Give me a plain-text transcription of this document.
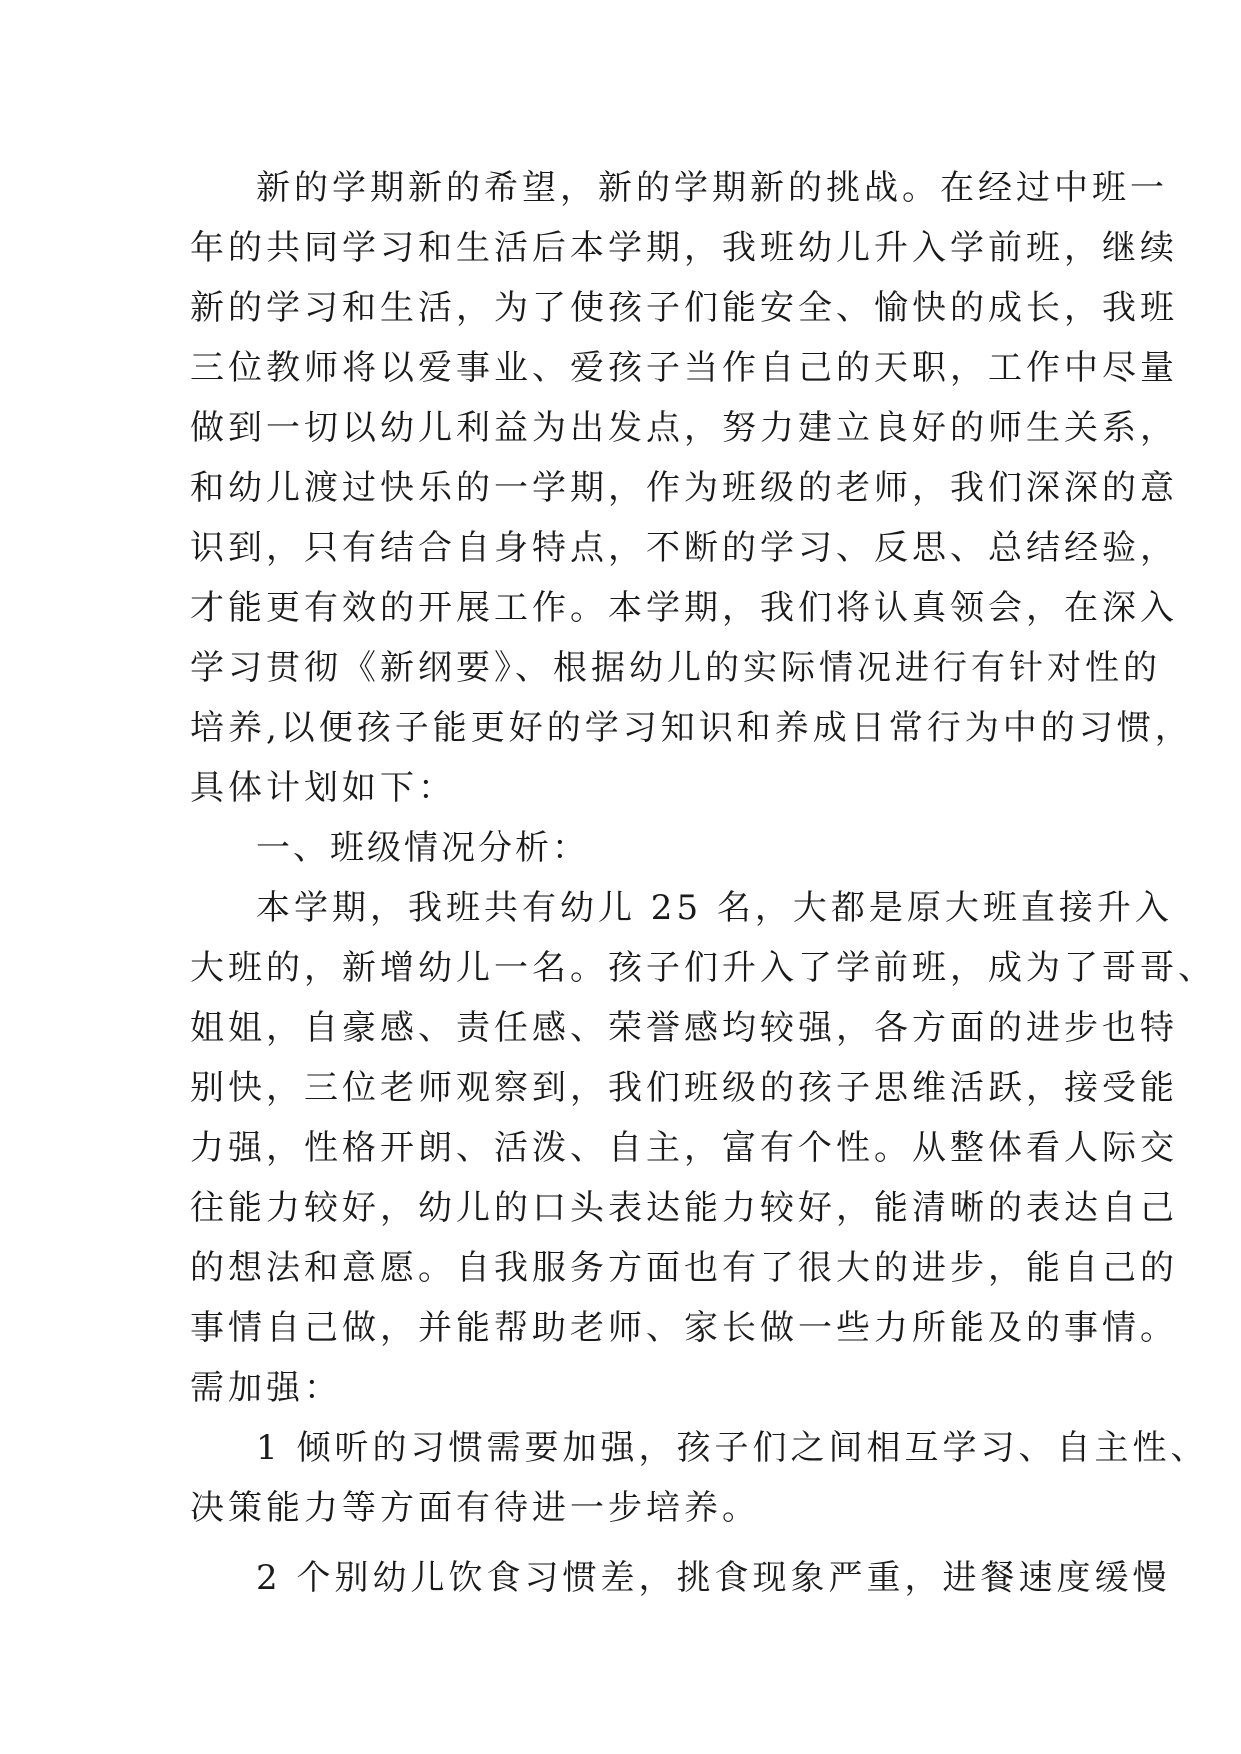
新的学期新的希望，新的学期新的挑战。在经过中班一
年的共同学习和生活后本学期，我班幼儿升入学前班，继续
新的学习和生活，为了使孩子们能安全、愉快的成长，我班
三位教师将以爱事业、爱孩子当作自己的天职，工作中尽量
做到一切以幼儿利益为出发点，努力建立良好的师生关系，
和幼儿渡过快乐的一学期，作为班级的老师，我们深深的意
识到，只有结合自身特点，不断的学习、反思、总结经验，
才能更有效的开展工作。本学期，我们将认真领会，在深入
学习贯彻《新纲要》、根据幼儿的实际情况进行有针对性的
培养,以便孩子能更好的学习知识和养成日常行为中的习惯，
具体计划如下：
一、班级情况分析：
本学期，我班共有幼儿 25 名，大都是原大班直接升入
大班的，新增幼儿一名。孩子们升入了学前班，成为了哥哥、
姐姐，自豪感、责任感、荣誉感均较强，各方面的进步也特
别快，三位老师观察到，我们班级的孩子思维活跃，接受能
力强，性格开朗、活泼、自主，富有个性。从整体看人际交
往能力较好，幼儿的口头表达能力较好，能清晰的表达自己
的想法和意愿。自我服务方面也有了很大的进步，能自己的
事情自己做，并能帮助老师、家长做一些力所能及的事情。
需加强：
1 倾听的习惯需要加强，孩子们之间相互学习、自主性、
决策能力等方面有待进一步培养。
2 个别幼儿饮食习惯差，挑食现象严重，进餐速度缓慢
